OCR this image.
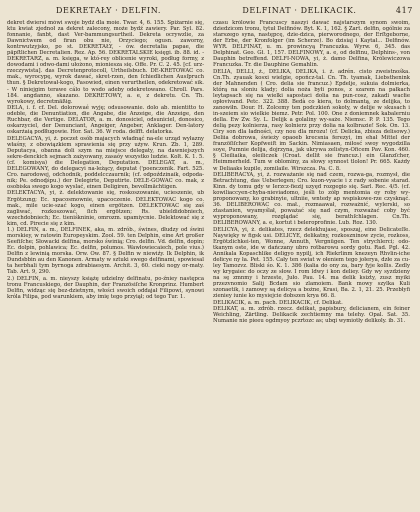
DEKRETAŁY · DELFIN.	DELFINAT · DELIKACIK.	417

dekret dwiersi mówi swoje bydź dla moie. Twar. 4, 6. 155. Spiżarnie się, ktu kwiat zjednoł za dekret zalecony, może bydź zawiery. Par. Syl. 82. fonnanie, fanbt, dast Ver-bammungsurtheil. Dekreta ocrywzlie, za Dawnictwem od firan obu nie, Orzyciego; ogusn. zaworny, kontrwutzyjsko, po st. DEKRETAŁY, - ów. decretalia papae, die päpſtlichen Decretalien. Rez. Ap. 56. DEKRETALSKIE księgi. ib. 88. id. - DEKRETARZ, a. m. księga, w któ-rey oblicenie wyroki, podług formy, z dowodami i odwo-dami ułożono, mioniesza się. Offe. Pr. C. 2. 45. [cf. urz-rzeczywista]. das Decretenprotocoll, Urtheilsbuch. DE-KRETOWAC co. mak., wyrocypę, wyrok dawać, skret-rzen, den ſchiedlichen Ausſpruch thun. § Dekretował-kogo, Fasowied, einen verurtheilen, odekretować sik. - W niniejgim terawe cálo to wsdo adeby odekretowano. Chroll. Pars. 184. angdanno, skazano. DEKRETOWY, a. e, z dekretu. Cn. Th. wyrokowy, decretmäßig.

DELA, i. f. cf. Del. dolorowaé wyję; odsusowanie. dolo ab. mientitto to odebłe, die Denuntiation, die Angabe, die Anzeige, die Anzeige, den Ruchbar, die Vertige. DELATOR, a. m. donosiciel, odsuniciel, donosico, oskarzyciel, der Denunciant, Angeiger, Angeber, Anklager. Den-latory oskarżaią podłługowie. Hor. Sat. 36. W roda. delfft. delatorka.

DELEGACYA, yi, ż. poczet osób majacych władnąć na-ele urząd wyłazny właśny, z obowiązkiem sprawienia się przy używ. Krun. Zb. 1, 289. Deputacya, obanna doli szym na miejsce delegaty, na dawniejszych sekre-denckich sejmach zażyowany, zasaóy wszystko ludzie. Kolt. K. 1. 5. (cf. komisya) die Delegation, Deputation. DELEGAT, a. m., DELEGOWANY, do delegacyi na-leżący, deputat ('poenczenik. Fart. 525. Cro. narodowej, odchodnik, poddelcczaurnik; (cf. odpoździnaik, odpoda-nik; Pe. odnoḑśpu.) der Delegirte, Deputirte. DELE-GOWAC co. mak, z osobiska swego kogo wyslać, einen Deligiren, bevollmächtigen.

DELEKTACYA, yi, ż. delektowanie się, roskoszowanie, ucieszenie, ub Ergötzung; Ec. xpacosmownie, upacoczenie. DELEKTOWAC kogo co. mak., mile ucie-szać kogo, einen ergötzen. DELEKTOWAC się zaś zagliwać, rozkoszować, ſich ergötzen; Rs. ubieldidobniech, wzechdobniech; Ec. tieniśkninie, omrozm. upamiycnie. Delektować się z kim, cd. Pirecie się z kim.

1.) DELFIN, a. m., DELFINEK, aka, m. zdrób., śwines, dłudzy od świni morskiey, w ratowin Europeyskim. Zool. 59. ten Delphin, eine Art großer Seefiſche; Słowacki delfina, morsko świnią; Cro. delfin. Vd. delfin, dopin; Ec. dolpin, pohlawica; Ec. delfin, polumos. Wawłowiecaiech, pole vius.) Delfin z lewinią morska. Orw. Ow. 87. § Delfin w niewiźy. Ik Delphin, ik Dundsbbin au den Kanonen. Armaty w sztuki swego delfinami, spowiesal ta herbhali tym byrnoga zdrabiaesym. Archit. 3, 60. cieki nogy or-maty. Tab. Art. 9, 290.

2.) DELFIN, a. m. nieyszy książę udzielny delfinatu, po-źniey następca tronu Francuskiego, der Dauphin, der Französiſche Kronprinz. Humbert Delfin, widząc się bez-dzietnym, włości swoich oddajał Filipowi, synowi króla Filipa, pod warunkiem, aby imię tego przyiął; od tego Tur. 1.

czasu królowie Francuscy naszyi dawać najstarszym synom swoim, dziedzicom tronu, tytuł Delfinów. Byt. K. 1, 162. § Zart. delfin, ogólnie za starszego syna, następcę, dzie-dzica, pierworodnego, der Erſtgeborne, der Erbe, der Kronfolger (im Scherze). Bo dzisiaj i Kaytał... Delfinów. WYR. DELFINAT, u. m. prowincyą Francuzka. Wyrw. 6, 345. das Delphinat. Geo. Gł. 1, 157. DELFINOWY, a. e, od delfinu, Delphins-, von Dauphin betreffend. DELFI-NOWA, yi, ż. damo Delfina, Królewiczowa Francuzka. Tr. die Dauphine Gemahlin.

DELIA, DELLI, ż., DELIKA, DELIKA, i. ż. adrén. cisto zweistnośka. Cn.Th. zyauak kosxi wielgie, opończ-tal. Cn. Th. tyamak, Liebsthenink der Mahnenden ( Cro. delia sie francuz.) Epdelje, sukuia dolmierka, którą na sloniu klady; dolia noża byłi ponos, z szarem na pałkach leytapsach się na wielki sapostaci dolia na pun-cosz, zakadi wacłie opłovivand. Petc. 322. 388. Bedà co kiera, to dolmantą, ze delijka, to zanowiłn. Dour. H. Zolcemy ten podczkień sokoty, w delije w skusach i in-szeiem sio wielkie biemz. Petr. Pol. 100. One z doniemnek kabalerniu della. Ew Zw. Sy. L. Delijk a golaliny wy-saże. Niemsc. P. P. 135. Tego delią pezy kolnierza, rasy kolnierz przy dolia na kolbrazie! Sok. On. 13. Ciry son dla ładności, czy nou dla mrozu! (cf. Delicka, zbisza delisowy.) Deliia dobrowa, świeży opaoeb krecsnia ferezyi, im ehał Mittel der franzöſiſcher Kopfweiſt im Sackin. Nimiasaen, miłosć swoy wygodzilla soye, Pumnie delija, dojrzyna, jak ukrywa zelistyn-Oficem Pav. Kon. 460. § Cleiliaika, oleiliczek (Croat. dellit sie francuz.) ein Glanzſcher, Heimmerheld. Tum w oblominy, za słowy synnost tlolon! Pr. 665. Każdy w Deliaaks kupile, zomilaile. Wirszcza. Pa. C. 8.

DELIBERACYA, yi, ż. rozważanie się nad czem, rozwa-ga, rozmysł, die Betrachtung, das Ueberlegen; Cro. kuon-vyacie i z rady sobenie starad. Kinn. dy tomu gdy w Ierzcz-fiezij uzyęd rozgegio się. Sarl. Rec. 4/5. (cf. kowiliaccyen-chyba-nieviadomo, jeśli to zółp mentomia oy roby wy-proponowany, ko grabinyie, ultniie, wntedy ap wspiskowe-rze czysknąć. 36. DELIBEROWAC co. mał., rozmaawał, rozważnić, wylerski, so ztastanien, wyamyślał, poważać się nad czym, rozważać coby być wyproponowany, rozglądać się, berathſchlagen. Cn.Th. DELIBEROWANY, a. e, kortut i beleroprofinie. Lub. Roz. 130.

DELICYA, yi, ż. delikates, rzecz delekhujase, sposzaj, eine Delicateſſe. Naywięky w figsk usi. DELICYE, delikatny, rozkoszninow zycie, rozkoss, Ergötzlichkei-ten, Wonne, Annuth, Vergnügen. Ten strychlerci; odo-tkanym oste, ide w dańczany ubro rotbarowu sordy gotu. Rad. Pgl. 42. Annikala Kopaschlike deligyo nypilj, ich Riekrlinm knezeyn Rhvlin-iche dełicye ny ła. Pet. 155. Cały ten swiat w ołeniem tego jołerya, dzłe za cu-ley Tamozvz. Bliski śo. K. 1. 386 (kalia do ony za, bary fyje kollis. Zedly wy krygaiec do oczy ze słow. I rom ldwy i kon deliey. Gdy wy syzdzieny na sę zmnmy i hrzeste, Juło. Pau. 14. ma delik ksizty, zusz myiki przezvnomio Salij Bcdam sio zlamoiem. Bank mowy szylka Kuli szonaetik, i zamowy są delicya a bożne, Krasi, Ba. 2. 1, 21. 25. Przebłyfi zieniey iunie ko mysiejcie dobszen krya 66. 8.

DELIKACIK, a. m. pach. DELIKACIK, cf. Delikat.

DELIKAT, a. m. zdrób. rzecz. delikat, papisbury, delicianem, ein feiner Weichling, Zärtling. Delikacik zechtiemny ma telehy. Opal. Sat. 35. Numanie nie pieeu ogdmyoy pczrtozc as; ubqi wymiotły delikoly. ib. 31.
